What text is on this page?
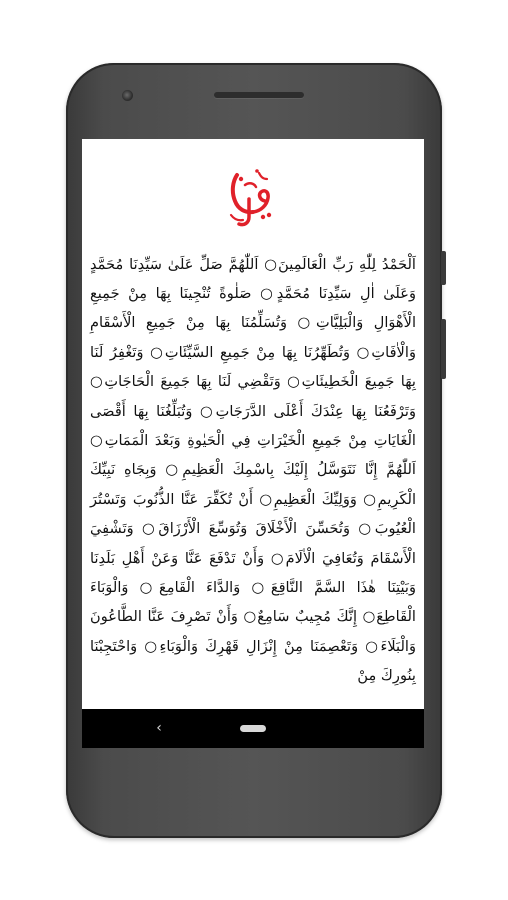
اَلْحَمْدُ لِلّٰهِ رَبِّ الْعَالَمِينَ○ اَللّٰهُمَّ صَلِّ عَلَىٰ سَيِّدِنَا مُحَمَّدٍ وَعَلَىٰ اٰلِ سَيِّدِنَا مُحَمَّدٍ○ صَلٰوةً تُنْجِينَا بِهَا مِنْ جَمِيعِ الْأَهْوَالِ وَالْبَلِيَّاتِ○ وَتُسَلِّمُنَا بِهَا مِنْ جَمِيعِ الْأَسْقَامِ وَالْاٰفَاتِ○ وَتُطَهِّرُنَا بِهَا مِنْ جَمِيعِ السَّيِّئَاتِ○ وَتَغْفِرُ لَنَا بِهَا جَمِيعَ الْخَطِيئَاتِ○ وَتَقْضِي لَنَا بِهَا جَمِيعَ الْحَاجَاتِ○ وَتَرْفَعُنَا بِهَا عِنْدَكَ أَعْلَى الدَّرَجَاتِ○ وَتُبَلِّغُنَا بِهَا أَقْصَى الْغَايَاتِ مِنْ جَمِيعِ الْخَيْرَاتِ فِي الْحَيٰوةِ وَبَعْدَ الْمَمَاتِ○ اَللّٰهُمَّ إِنَّا نَتَوَسَّلُ إِلَيْكَ بِاسْمِكَ الْعَظِيمِ○ وَبِجَاهِ نَبِيِّكَ الْكَرِيمِ○ وَوَلِيِّكَ الْعَظِيمِ○ أَنْ تُكَفِّرَ عَنَّا الذُّنُوبَ وَتَسْتُرَ الْعُيُوبَ○ وَتُحَسِّنَ الْأَخْلَاقَ وَتُوَسِّعَ الْأَرْزَاقَ○ وَتَشْفِيَ الْأَسْقَامَ وَتُعَافِيَ الْاٰلَامَ○ وَأَنْ تَدْفَعَ عَنَّا وَعَنْ أَهْلِ بَلَدِنَا وَبَيْتِنَا هٰذَا السَّمَّ النَّاقِعَ○ وَالدَّاءَ الْقَامِعَ○ وَالْوَبَاءَ الْقَاطِعَ○ إِنَّكَ مُجِيبٌ سَامِعٌ○ وَأَنْ تَصْرِفَ عَنَّا الطَّاعُونَ وَالْبَلَاءَ○ وَتَعْصِمَنَا مِنْ إِنْزَالِ قَهْرِكَ وَالْوَبَاءِ○ وَاحْتَجِبْنَا بِنُورِكَ مِنْ

‹
